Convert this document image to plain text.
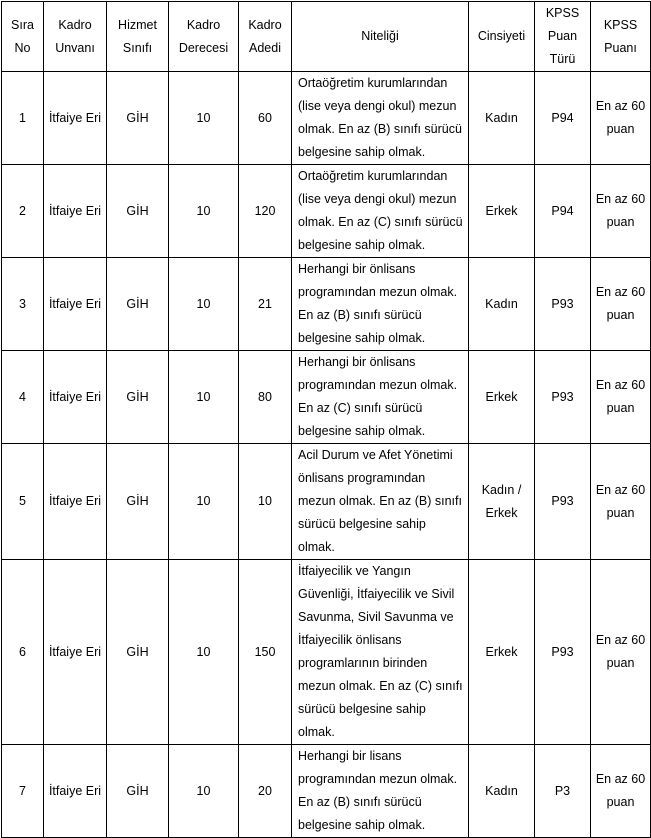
Sıra No	Kadro Unvanı	Hizmet Sınıfı	Kadro Derecesi	Kadro Adedi	Niteliği	Cinsiyeti	KPSS Puan Türü	KPSS Puanı
1	İtfaiye Eri	GİH	10	60	Ortaöğretim kurumlarından (lise veya dengi okul) mezun olmak. En az (B) sınıfı sürücü belgesine sahip olmak.	Kadın	P94	En az 60 puan
2	İtfaiye Eri	GİH	10	120	Ortaöğretim kurumlarından (lise veya dengi okul) mezun olmak. En az (C) sınıfı sürücü belgesine sahip olmak.	Erkek	P94	En az 60 puan
3	İtfaiye Eri	GİH	10	21	Herhangi bir önlisans programından mezun olmak. En az (B) sınıfı sürücü belgesine sahip olmak.	Kadın	P93	En az 60 puan
4	İtfaiye Eri	GİH	10	80	Herhangi bir önlisans programından mezun olmak. En az (C) sınıfı sürücü belgesine sahip olmak.	Erkek	P93	En az 60 puan
5	İtfaiye Eri	GİH	10	10	Acil Durum ve Afet Yönetimi önlisans programından mezun olmak. En az (B) sınıfı sürücü belgesine sahip olmak.	Kadın / Erkek	P93	En az 60 puan
6	İtfaiye Eri	GİH	10	150	İtfaiyecilik ve Yangın Güvenliği, İtfaiyecilik ve Sivil Savunma, Sivil Savunma ve İtfaiyecilik önlisans programlarının birinden mezun olmak. En az (C) sınıfı sürücü belgesine sahip olmak.	Erkek	P93	En az 60 puan
7	İtfaiye Eri	GİH	10	20	Herhangi bir lisans programından mezun olmak. En az (B) sınıfı sürücü belgesine sahip olmak.	Kadın	P3	En az 60 puan
